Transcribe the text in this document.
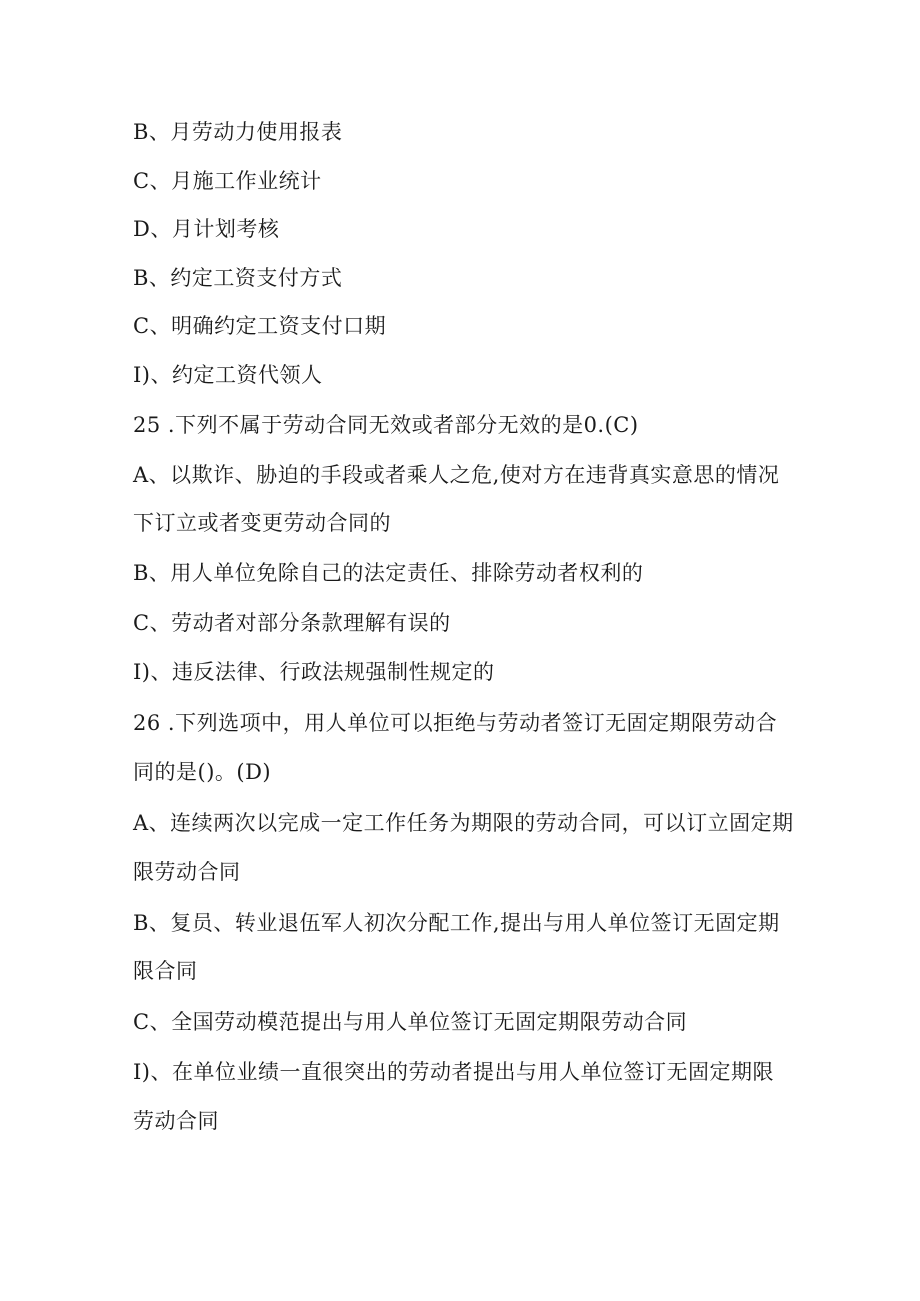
B、月劳动力使用报表
C、月施工作业统计
D、月计划考核
B、约定工资支付方式
C、明确约定工资支付口期
I)、约定工资代领人
25 .下列不属于劳动合同无效或者部分无效的是0.(C)
A、以欺诈、胁迫的手段或者乘人之危,使对方在违背真实意思的情况
下订立或者变更劳动合同的
B、用人单位免除自己的法定责任、排除劳动者权利的
C、劳动者对部分条款理解有误的
I)、违反法律、行政法规强制性规定的
26 .下列选项中，用人单位可以拒绝与劳动者签订无固定期限劳动合
同的是()。(D)
A、连续两次以完成一定工作任务为期限的劳动合同，可以订立固定期
限劳动合同
B、复员、转业退伍军人初次分配工作,提出与用人单位签订无固定期
限合同
C、全国劳动模范提出与用人单位签订无固定期限劳动合同
I)、在单位业绩一直很突出的劳动者提出与用人单位签订无固定期限
劳动合同
